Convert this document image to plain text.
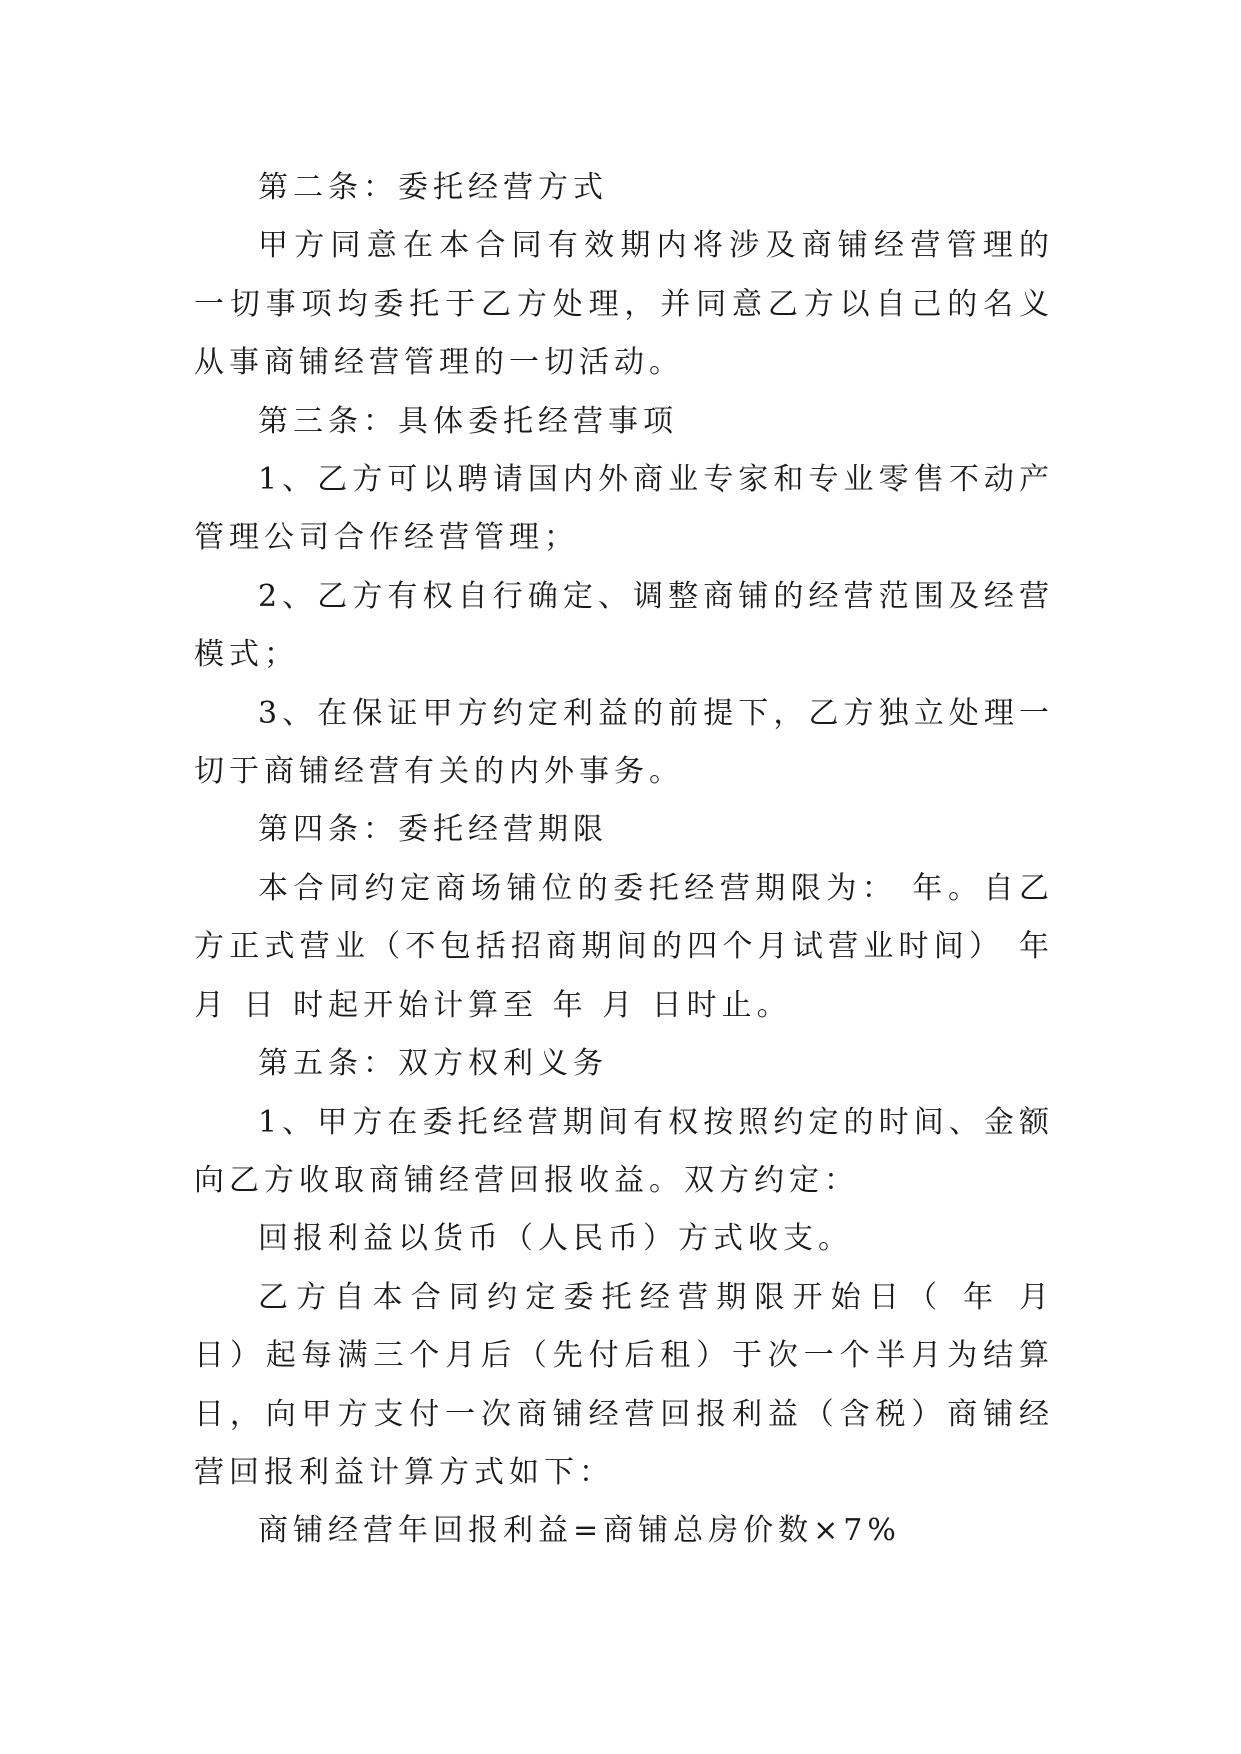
第二条：委托经营方式

甲方同意在本合同有效期内将涉及商铺经营管理的一切事项均委托于乙方处理，并同意乙方以自己的名义从事商铺经营管理的一切活动。

第三条：具体委托经营事项

1、乙方可以聘请国内外商业专家和专业零售不动产管理公司合作经营管理；

2、乙方有权自行确定、调整商铺的经营范围及经营模式；

3、在保证甲方约定利益的前提下，乙方独立处理一切于商铺经营有关的内外事务。

第四条：委托经营期限

本合同约定商场铺位的委托经营期限为： 年。自乙方正式营业（不包括招商期间的四个月试营业时间） 年 月 日 时起开始计算至 年 月 日时止。

第五条：双方权利义务

1、甲方在委托经营期间有权按照约定的时间、金额向乙方收取商铺经营回报收益。双方约定：

回报利益以货币（人民币）方式收支。

乙方自本合同约定委托经营期限开始日（ 年 月 日）起每满三个月后（先付后租）于次一个半月为结算日，向甲方支付一次商铺经营回报利益（含税）商铺经营回报利益计算方式如下：

商铺经营年回报利益=商铺总房价数×7%
